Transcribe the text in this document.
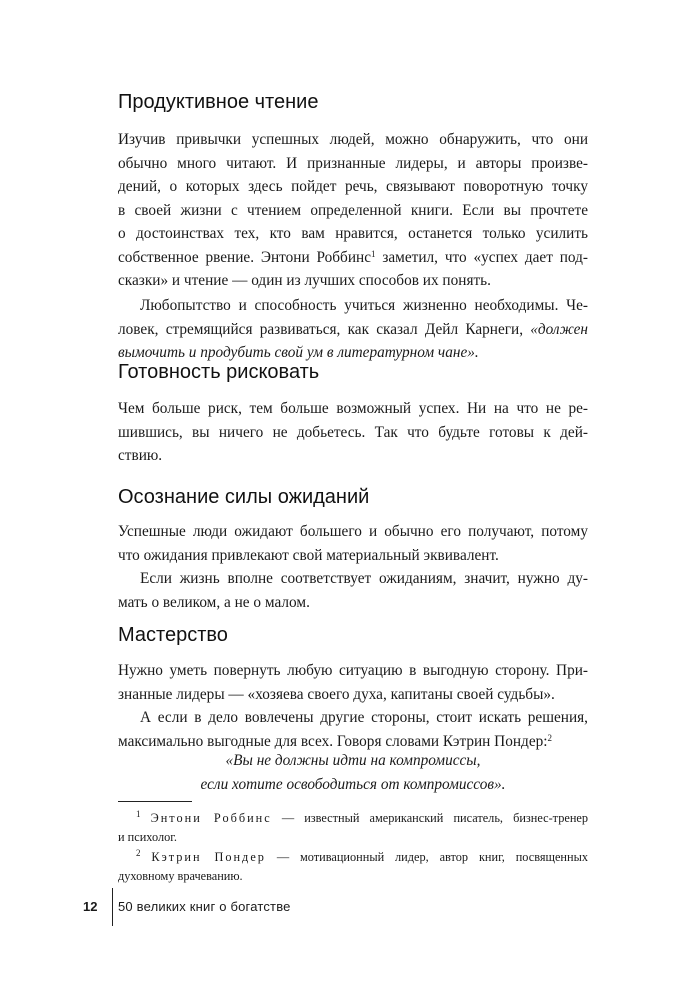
Продуктивное чтение
Изучив привычки успешных людей, можно обнаружить, что они
обычно много читают. И признанные лидеры, и авторы произве-
дений, о которых здесь пойдет речь, связывают поворотную точку
в своей жизни с чтением определенной книги. Если вы прочтете
о достоинствах тех, кто вам нравится, останется только усилить
собственное рвение. Энтони Роббинс$^1$ заметил, что «успех дает под-
сказки» и чтение — один из лучших способов их понять.
Любопытство и способность учиться жизненно необходимы. Че-
ловек, стремящийся развиваться, как сказал Дейл Карнеги, «должен
вымочить и продубить свой ум в литературном чане».
Готовность рисковать
Чем больше риск, тем больше возможный успех. Ни на что не ре-
шившись, вы ничего не добьетесь. Так что будьте готовы к дей-
ствию.
Осознание силы ожиданий
Успешные люди ожидают большего и обычно его получают, потому
что ожидания привлекают свой материальный эквивалент.
Если жизнь вполне соответствует ожиданиям, значит, нужно ду-
мать о великом, а не о малом.
Мастерство
Нужно уметь повернуть любую ситуацию в выгодную сторону. При-
знанные лидеры — «хозяева своего духа, капитаны своей судьбы».
А если в дело вовлечены другие стороны, стоит искать решения,
максимально выгодные для всех. Говоря словами Кэтрин Пондер:$^2$
«Вы не должны идти на компромиссы,
если хотите освободиться от компромиссов».
$^1$ Энтони Роббинс — известный американский писатель, бизнес-тренер
и психолог.
$^2$ Кэтрин Пондер — мотивационный лидер, автор книг, посвященных
духовному врачеванию.
12 50 великих книг о богатстве
